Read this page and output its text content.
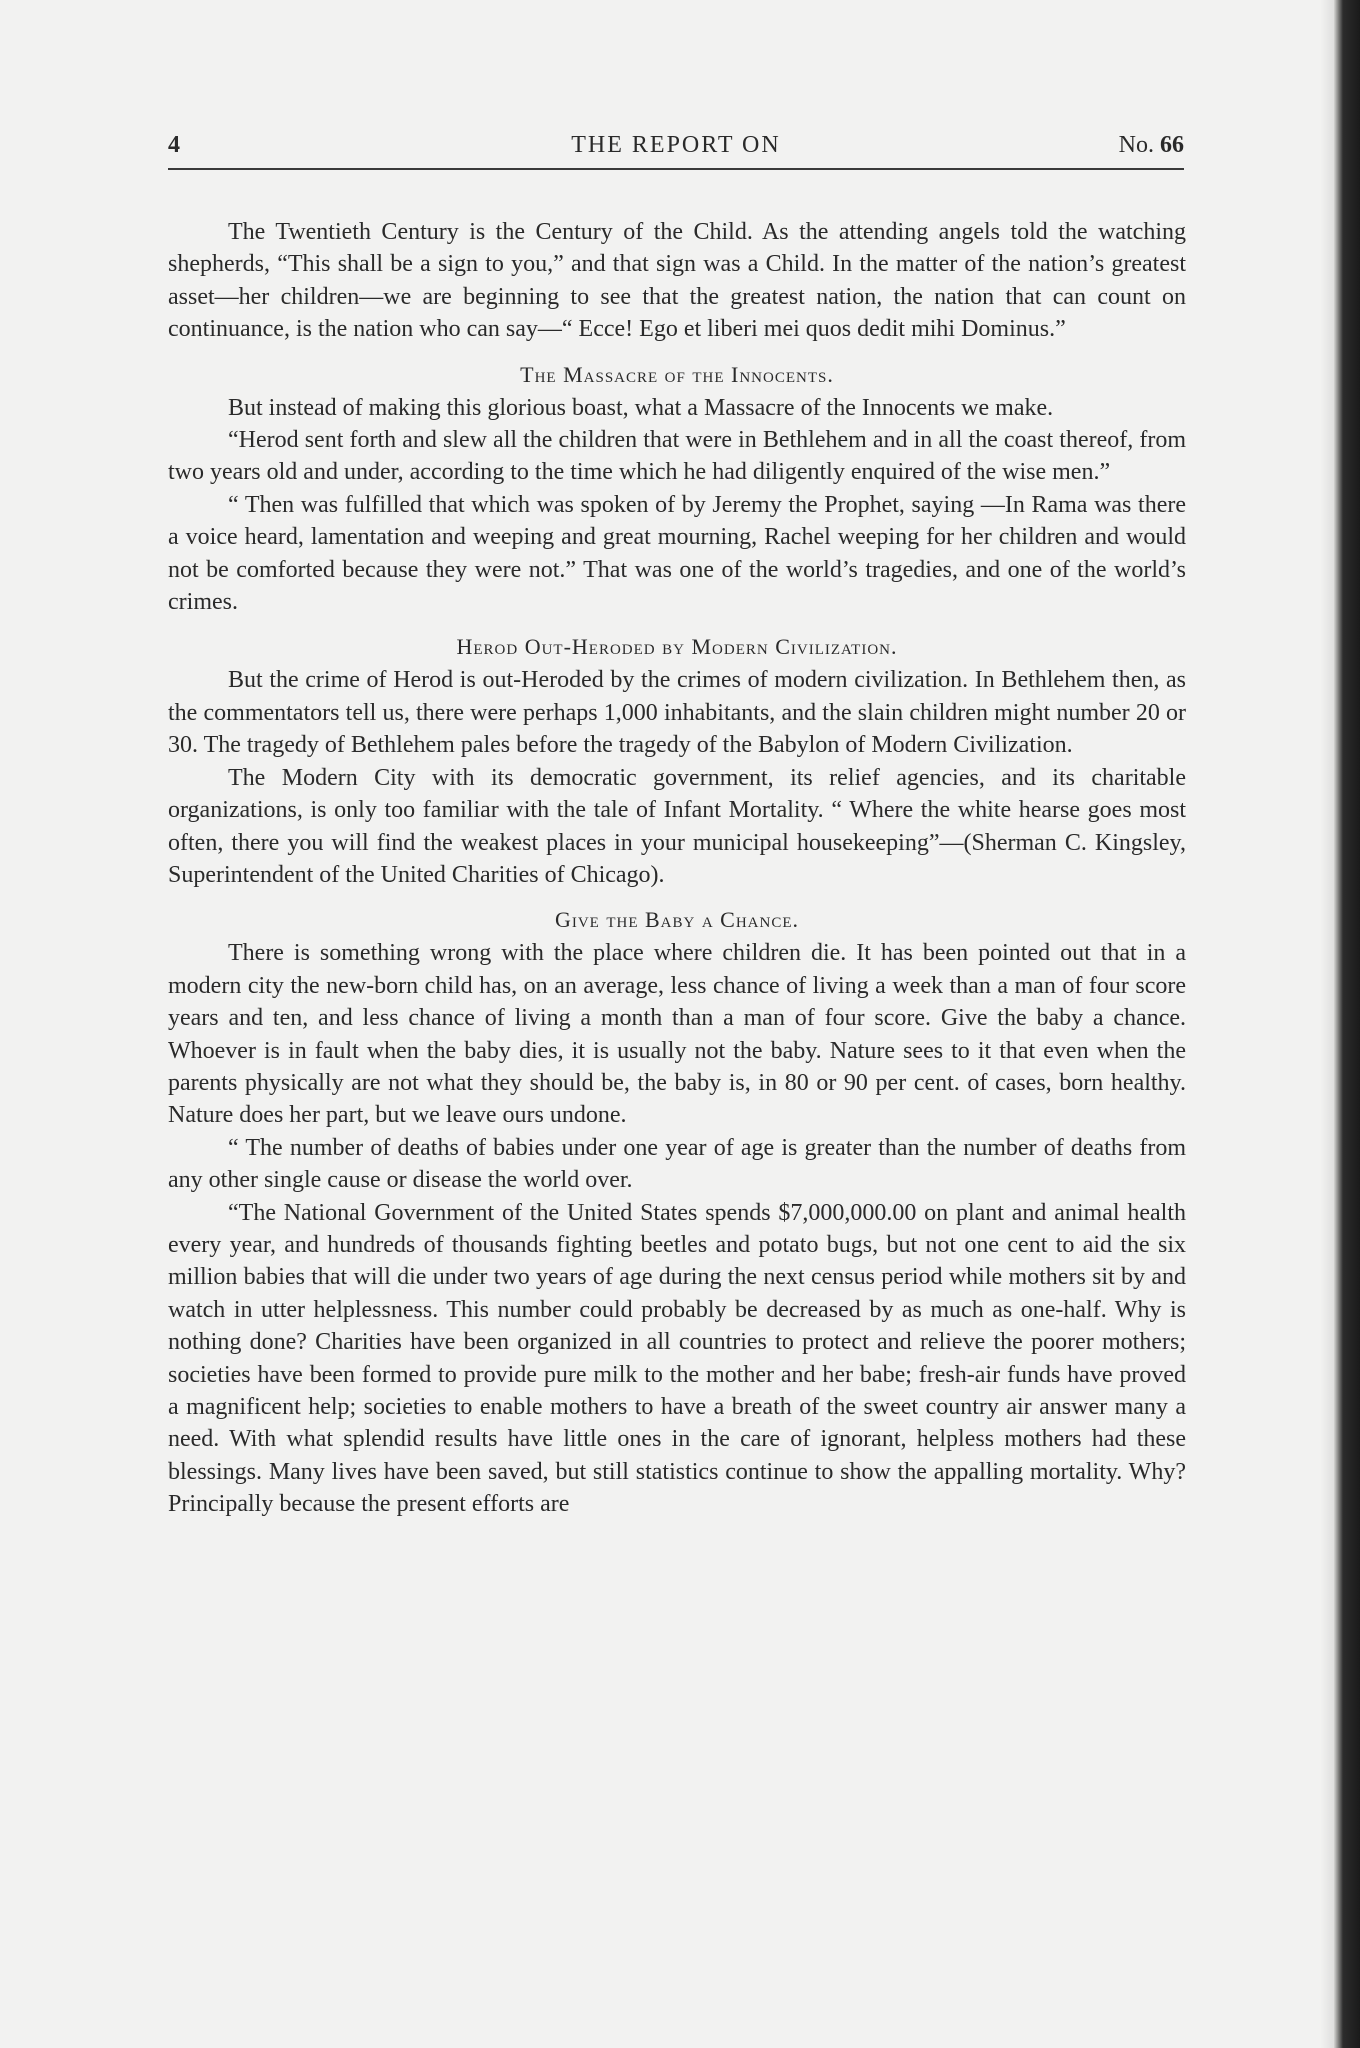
4	THE REPORT ON	No. 66

The Twentieth Century is the Century of the Child. As the attending angels told the watching shepherds, “This shall be a sign to you,” and that sign was a Child. In the matter of the nation’s greatest asset—her children—we are beginning to see that the greatest nation, the nation that can count on continuance, is the nation who can say—“ Ecce! Ego et liberi mei quos dedit mihi Dominus.”

The Massacre of the Innocents.

But instead of making this glorious boast, what a Massacre of the Innocents we make.

“Herod sent forth and slew all the children that were in Bethlehem and in all the coast thereof, from two years old and under, according to the time which he had diligently enquired of the wise men.”

“ Then was fulfilled that which was spoken of by Jeremy the Prophet, saying —In Rama was there a voice heard, lamentation and weeping and great mourning, Rachel weeping for her children and would not be comforted because they were not.” That was one of the world’s tragedies, and one of the world’s crimes.

Herod Out-Heroded by Modern Civilization.

But the crime of Herod is out-Heroded by the crimes of modern civilization. In Bethlehem then, as the commentators tell us, there were perhaps 1,000 inhabitants, and the slain children might number 20 or 30. The tragedy of Bethlehem pales before the tragedy of the Babylon of Modern Civilization.

The Modern City with its democratic government, its relief agencies, and its charitable organizations, is only too familiar with the tale of Infant Mortality. “ Where the white hearse goes most often, there you will find the weakest places in your municipal housekeeping”—(Sherman C. Kingsley, Superintendent of the United Charities of Chicago).

Give the Baby a Chance.

There is something wrong with the place where children die. It has been pointed out that in a modern city the new-born child has, on an average, less chance of living a week than a man of four score years and ten, and less chance of living a month than a man of four score. Give the baby a chance. Whoever is in fault when the baby dies, it is usually not the baby. Nature sees to it that even when the parents physically are not what they should be, the baby is, in 80 or 90 per cent. of cases, born healthy. Nature does her part, but we leave ours undone.

“ The number of deaths of babies under one year of age is greater than the number of deaths from any other single cause or disease the world over.

“The National Government of the United States spends $7,000,000.00 on plant and animal health every year, and hundreds of thousands fighting beetles and potato bugs, but not one cent to aid the six million babies that will die under two years of age during the next census period while mothers sit by and watch in utter helplessness. This number could probably be decreased by as much as one-half. Why is nothing done? Charities have been organized in all countries to protect and relieve the poorer mothers; societies have been formed to provide pure milk to the mother and her babe; fresh-air funds have proved a magnificent help; societies to enable mothers to have a breath of the sweet country air answer many a need. With what splendid results have little ones in the care of ignorant, helpless mothers had these blessings. Many lives have been saved, but still statistics continue to show the appalling mortality. Why? Principally because the present efforts are
